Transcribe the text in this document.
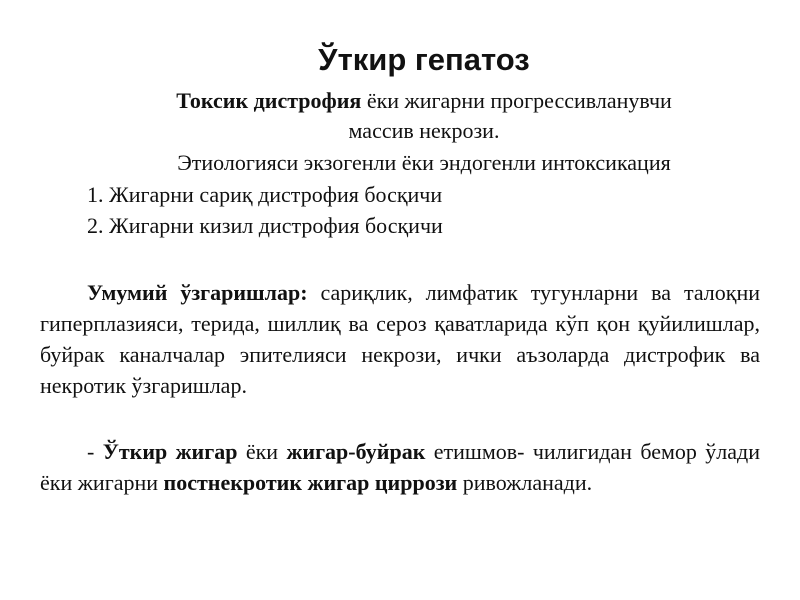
Ўткир гепатоз

Токсик дистрофия ёки жигарни прогрессивланувчи

массив некрози.

Этиологияси экзоген​ли ёки эндогенли интоксикация

1. Жигарни сариқ дистрофия босқичи

2. Жигарни кизил дистрофия босқичи

Умумий ўзгаришлар: сариқлик, лимфатик тугунларни ва талоқни гиперплазияси, терида, шиллиқ ва сероз қаватларида кўп қон қуйилишлар, буйрак каналчалар эпителияси некрози, ички аъзоларда дистрофик ва некротик ўзгаришлар.

- Ўткир жигар ёки жигар-буйрак етишмов- чилигидан бемор ўлади ёки жигарни постнекротик жигар циррози ривожланади.
